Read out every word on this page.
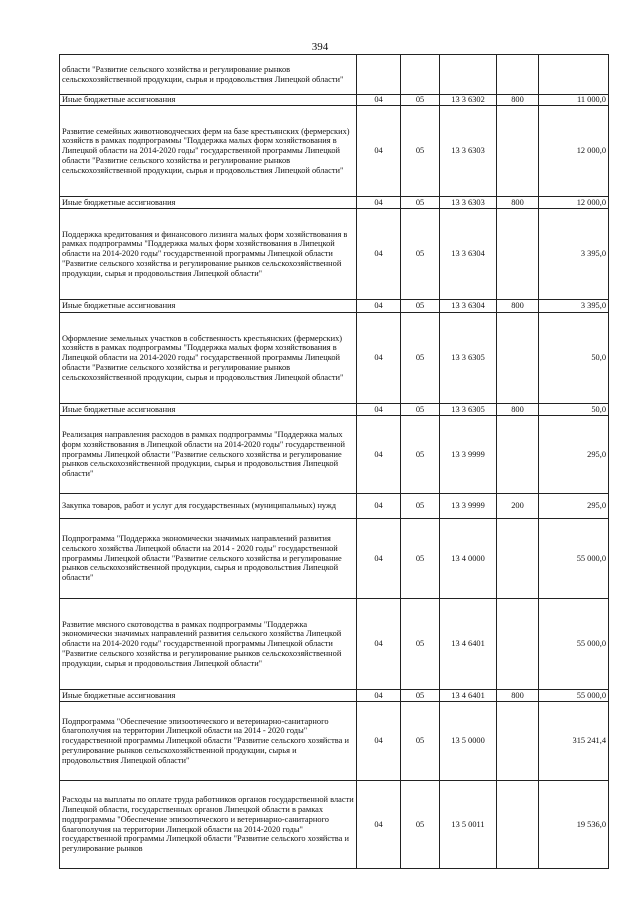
394
области "Развитие сельского хозяйства и регулирование рынков сельскохозяйственной продукции, сырья и продовольствия Липецкой области"					
Иные бюджетные ассигнования	04	05	13 3 6302	800	11 000,0
Развитие семейных животноводческих ферм на базе крестьянских (фермерских) хозяйств в рамках подпрограммы "Поддержка малых форм хозяйствования в Липецкой области на 2014-2020 годы" государственной программы Липецкой области "Развитие сельского хозяйства и регулирование рынков сельскохозяйственной продукции, сырья и продовольствия Липецкой области"	04	05	13 3 6303		12 000,0
Иные бюджетные ассигнования	04	05	13 3 6303	800	12 000,0
Поддержка кредитования и финансового лизинга малых форм хозяйствования в рамках подпрограммы "Поддержка малых форм хозяйствования в Липецкой области на 2014-2020 годы" государственной программы Липецкой области "Развитие сельского хозяйства и регулирование рынков сельскохозяйственной продукции, сырья и продовольствия Липецкой области"	04	05	13 3 6304		3 395,0
Иные бюджетные ассигнования	04	05	13 3 6304	800	3 395,0
Оформление земельных участков в собственность крестьянских (фермерских) хозяйств в рамках подпрограммы "Поддержка малых форм хозяйствования в Липецкой области на 2014-2020 годы" государственной программы Липецкой области "Развитие сельского хозяйства и регулирование рынков сельскохозяйственной продукции, сырья и продовольствия Липецкой области"	04	05	13 3 6305		50,0
Иные бюджетные ассигнования	04	05	13 3 6305	800	50,0
Реализация направления расходов в рамках подпрограммы "Поддержка малых форм хозяйствования в Липецкой области на 2014-2020 годы" государственной программы Липецкой области "Развитие сельского хозяйства и регулирование рынков сельскохозяйственной продукции, сырья и продовольствия Липецкой области"	04	05	13 3 9999		295,0
Закупка товаров, работ и услуг для государственных (муниципальных) нужд	04	05	13 3 9999	200	295,0
Подпрограмма "Поддержка экономически значимых направлений развития сельского хозяйства Липецкой области на 2014 - 2020 годы" государственной программы Липецкой области "Развитие сельского хозяйства и регулирование рынков сельскохозяйственной продукции, сырья и продовольствия Липецкой области"	04	05	13 4 0000		55 000,0
Развитие мясного скотоводства в рамках подпрограммы "Поддержка экономически значимых направлений развития сельского хозяйства Липецкой области на 2014-2020 годы" государственной программы Липецкой области "Развитие сельского хозяйства и регулирование рынков сельскохозяйственной продукции, сырья и продовольствия Липецкой области"	04	05	13 4 6401		55 000,0
Иные бюджетные ассигнования	04	05	13 4 6401	800	55 000,0
Подпрограмма "Обеспечение эпизоотического и ветеринарно-санитарного благополучия на территории Липецкой области на 2014 - 2020 годы" государственной программы Липецкой области "Развитие сельского хозяйства и регулирование рынков сельскохозяйственной продукции, сырья и продовольствия Липецкой области"	04	05	13 5 0000		315 241,4
Расходы на выплаты по оплате труда работников органов государственной власти Липецкой области, государственных органов Липецкой области в рамках подпрограммы "Обеспечение эпизоотического и ветеринарно-санитарного благополучия на территории Липецкой области на 2014-2020 годы" государственной программы Липецкой области "Развитие сельского хозяйства и регулирование рынков	04	05	13 5 0011		19 536,0
